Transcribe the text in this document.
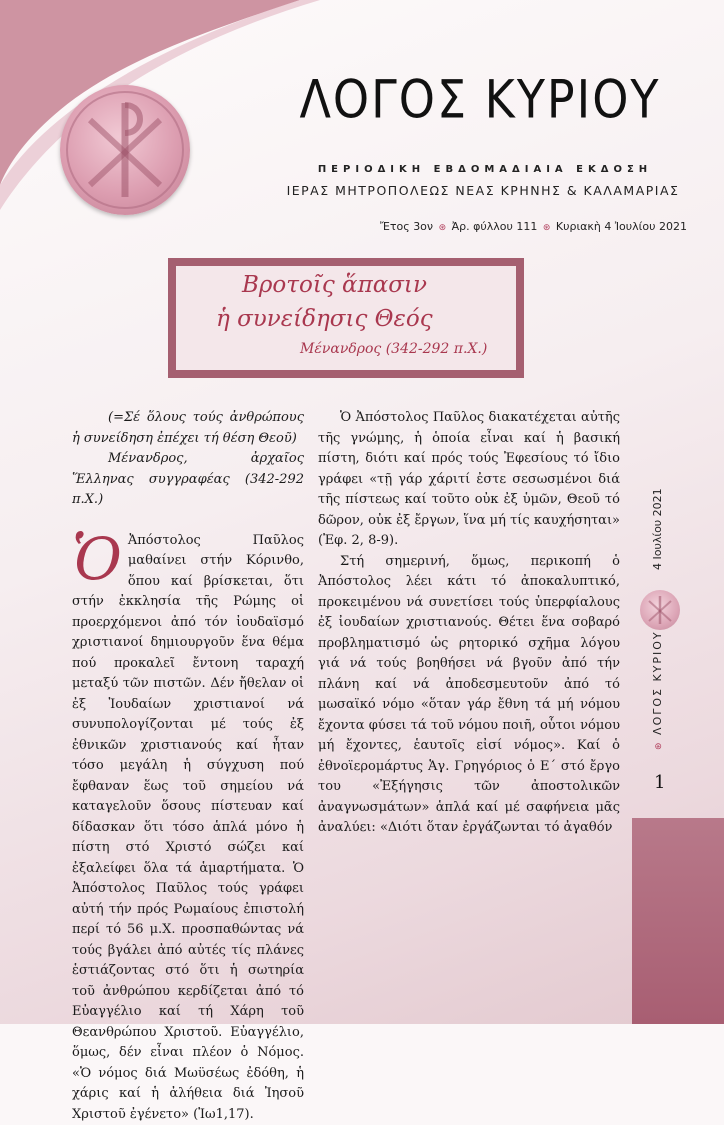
ΛΟΓΟΣ ΚΥΡΙΟΥ
ΠΕΡΙΟΔΙΚΗ ΕΒΔΟΜΑΔΙΑΙΑ ΕΚΔΟΣΗ
ΙΕΡΑΣ ΜΗΤΡΟΠΟΛΕΩΣ ΝΕΑΣ ΚΡΗΝΗΣ & ΚΑΛΑΜΑΡΙΑΣ
Ἔτος 3ον ⊛ Ἀρ. φύλλου 111 ⊛ Κυριακὴ 4 Ἰουλίου 2021
Βροτοῖς ἅπασιν
ἡ συνείδησις Θεός
Μένανδρος (342-292 π.Χ.)

(=Σέ ὅλους τούς ἀνθρώπους ἡ συνείδηση ἐπέχει τή θέση Θεοῦ)

Μένανδρος, ἀρχαῖος Ἕλληνας συγγραφέας (342-292 π.Χ.)

Ὁ Ἀπόστολος Παῦλος μαθαίνει στήν Κόρινθο, ὅπου καί βρίσκεται, ὅτι στήν ἐκκλησία τῆς Ρώμης οἱ προερχόμενοι ἀπό τόν ἰουδαϊσμό χριστιανοί δημιουργοῦν ἕνα θέμα πού προκαλεῖ ἔντονη ταραχή μεταξύ τῶν πιστῶν. Δέν ἤθελαν οἱ ἐξ Ἰουδαίων χριστιανοί νά συνυπολογίζονται μέ τούς ἐξ ἐθνικῶν χριστιανούς καί ἦταν τόσο μεγάλη ἡ σύγχυση πού ἔφθαναν ἕως τοῦ σημείου νά καταγελοῦν ὅσους πίστευαν καί δίδασκαν ὅτι τόσο ἁπλά μόνο ἡ πίστη στό Χριστό σώζει καί ἐξαλείφει ὅλα τά ἁμαρτήματα. Ὁ Ἀπόστολος Παῦλος τούς γράφει αὐτή τήν πρός Ρωμαίους ἐπιστολή περί τό 56 μ.Χ. προσπαθώντας νά τούς βγάλει ἀπό αὐτές τίς πλάνες ἑστιάζοντας στό ὅτι ἡ σωτηρία τοῦ ἀνθρώπου κερδίζεται ἀπό τό Εὐαγγέλιο καί τή Χάρη τοῦ Θεανθρώπου Χριστοῦ. Εὐαγγέλιο, ὅμως, δέν εἶναι πλέον ὁ Νόμος. «Ὁ νόμος διά Μωϋσέως ἐδόθη, ἡ χάρις καί ἡ ἀλήθεια διά Ἰησοῦ Χριστοῦ ἐγένετο» (Ἰω1,17).

Ὁ Ἀπόστολος Παῦλος διακατέχεται αὐτῆς τῆς γνώμης, ἡ ὁποία εἶναι καί ἡ βασική πίστη, διότι καί πρός τούς Ἐφεσίους τό ἴδιο γράφει «τῇ γάρ χάριτί ἐστε σεσωσμένοι διά τῆς πίστεως καί τοῦτο οὐκ ἐξ ὑμῶν, Θεοῦ τό δῶρον, οὐκ ἐξ ἔργων, ἵνα μή τίς καυχήσηται» (Ἐφ. 2, 8-9).

Στή σημερινή, ὅμως, περικοπή ὁ Ἀπόστολος λέει κάτι τό ἀποκαλυπτικό, προκειμένου νά συνετίσει τούς ὑπερφίαλους ἐξ ἰουδαίων χριστιανούς. Θέτει ἕνα σοβαρό προβληματισμό ὡς ρητορικό σχῆμα λόγου γιά νά τούς βοηθήσει νά βγοῦν ἀπό τήν πλάνη καί νά ἀποδεσμευτοῦν ἀπό τό μωσαϊκό νόμο «ὅταν γάρ ἔθνη τά μή νόμου ἔχοντα φύσει τά τοῦ νόμου ποιῆ, οὗτοι νόμου μή ἔχοντες, ἑαυτοῖς εἰσί νόμος». Καί ὁ ἐθνοϊερομάρτυς Ἁγ. Γρηγόριος ὁ Ε΄ στό ἔργο του «Ἐξήγησις τῶν ἀποστολικῶν ἀναγνωσμάτων» ἁπλά καί μέ σαφήνεια μᾶς ἀναλύει: «Διότι ὅταν ἐργάζωνται τό ἀγαθόν

4 Ιουλίου 2021
⊛ ΛΟΓΟΣ ΚΥΡΙΟΥ
1
